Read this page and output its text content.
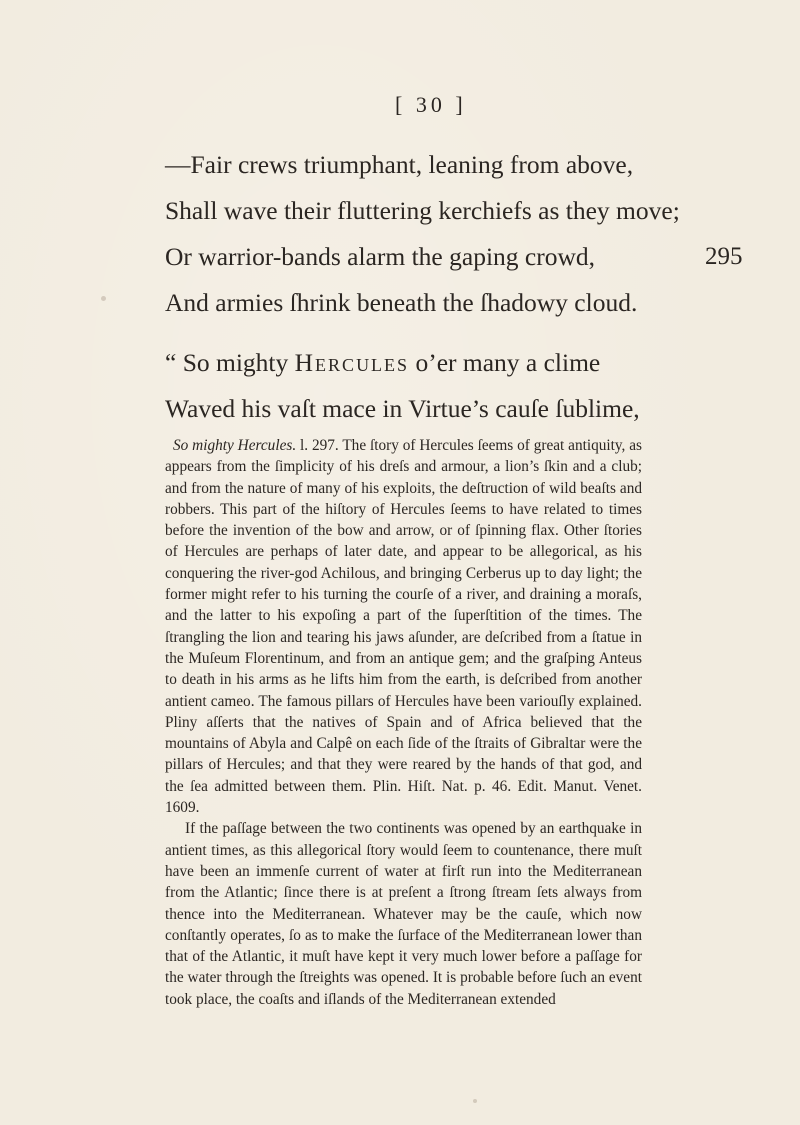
[ 30 ]
—Fair crews triumphant, leaning from above,
Shall wave their fluttering kerchiefs as they move;
Or warrior-bands alarm the gaping crowd,	295
And armies ſhrink beneath the ſhadowy cloud.
“ So mighty Hercules o’er many a clime
Waved his vaſt mace in Virtue’s cauſe ſublime,

So mighty Hercules. l. 297. The ſtory of Hercules ſeems of great antiquity, as appears from the ſimplicity of his dreſs and armour, a lion’s ſkin and a club; and from the nature of many of his exploits, the deſtruction of wild beaſts and robbers. This part of the hiſtory of Hercules ſeems to have related to times before the invention of the bow and arrow, or of ſpinning flax. Other ſtories of Hercules are perhaps of later date, and appear to be allegorical, as his conquering the river-god Achilous, and bringing Cerberus up to day light; the former might refer to his turning the courſe of a river, and draining a moraſs, and the latter to his expoſing a part of the ſuperſtition of the times. The ſtrangling the lion and tearing his jaws aſunder, are deſcribed from a ſtatue in the Muſeum Florentinum, and from an antique gem; and the graſping Anteus to death in his arms as he lifts him from the earth, is deſcribed from another antient cameo. The famous pillars of Hercules have been variouſly explained. Pliny aſſerts that the natives of Spain and of Africa believed that the mountains of Abyla and Calpê on each ſide of the ſtraits of Gibraltar were the pillars of Hercules; and that they were reared by the hands of that god, and the ſea admitted between them. Plin. Hiſt. Nat. p. 46. Edit. Manut. Venet. 1609.

If the paſſage between the two continents was opened by an earthquake in antient times, as this allegorical ſtory would ſeem to countenance, there muſt have been an immenſe current of water at firſt run into the Mediterranean from the Atlantic; ſince there is at preſent a ſtrong ſtream ſets always from thence into the Mediterranean. Whatever may be the cauſe, which now conſtantly operates, ſo as to make the ſurface of the Mediterranean lower than that of the Atlantic, it muſt have kept it very much lower before a paſſage for the water through the ſtreights was opened. It is probable before ſuch an event took place, the coaſts and iſlands of the Mediterranean extended
